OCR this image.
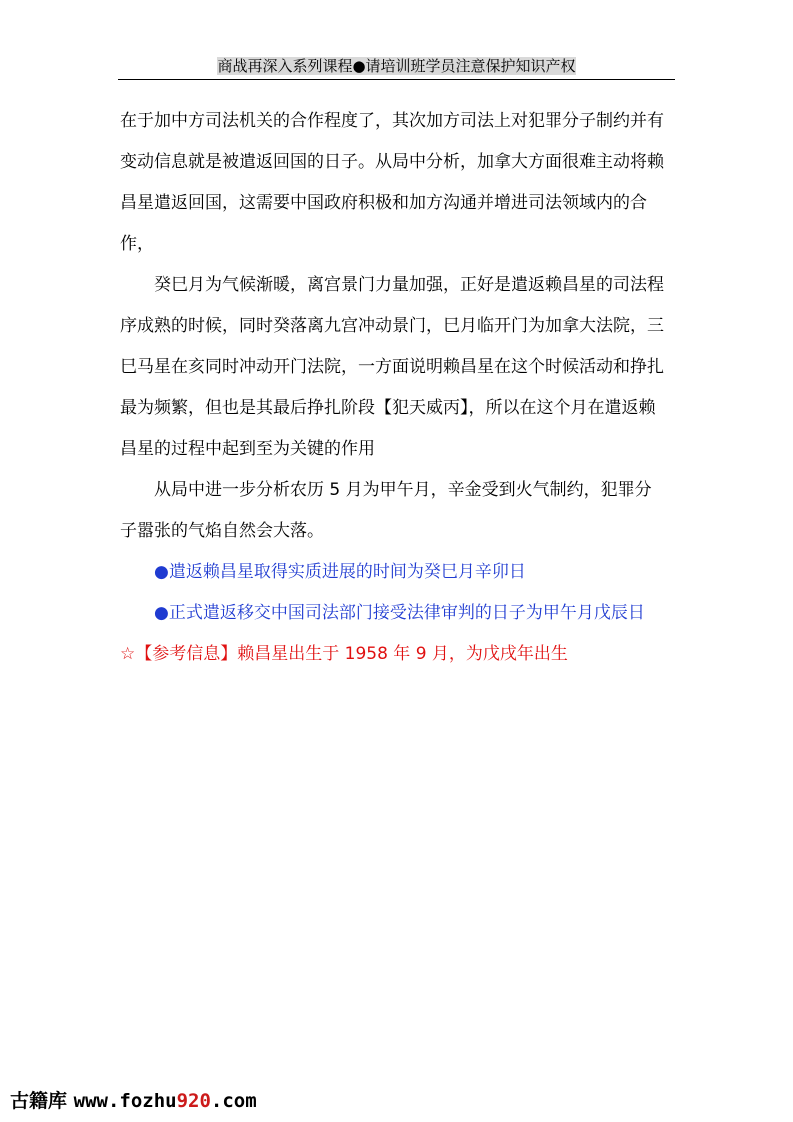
商战再深入系列课程●请培训班学员注意保护知识产权

在于加中方司法机关的合作程度了，其次加方司法上对犯罪分子制约并有变动信息就是被遣返回国的日子。从局中分析，加拿大方面很难主动将赖昌星遣返回国，这需要中国政府积极和加方沟通并增进司法领域内的合作，

癸巳月为气候渐暖，离宫景门力量加强，正好是遣返赖昌星的司法程序成熟的时候，同时癸落离九宫冲动景门，巳月临开门为加拿大法院，三巳马星在亥同时冲动开门法院，一方面说明赖昌星在这个时候活动和挣扎最为频繁，但也是其最后挣扎阶段【犯天威丙】，所以在这个月在遣返赖昌星的过程中起到至为关键的作用

从局中进一步分析农历 5 月为甲午月，辛金受到火气制约，犯罪分子嚣张的气焰自然会大落。

●遣返赖昌星取得实质进展的时间为癸巳月辛卯日

●正式遣返移交中国司法部门接受法律审判的日子为甲午月戊辰日

☆【参考信息】赖昌星出生于 1958 年 9 月，为戊戌年出生

古籍库 www.fozhu920.com
